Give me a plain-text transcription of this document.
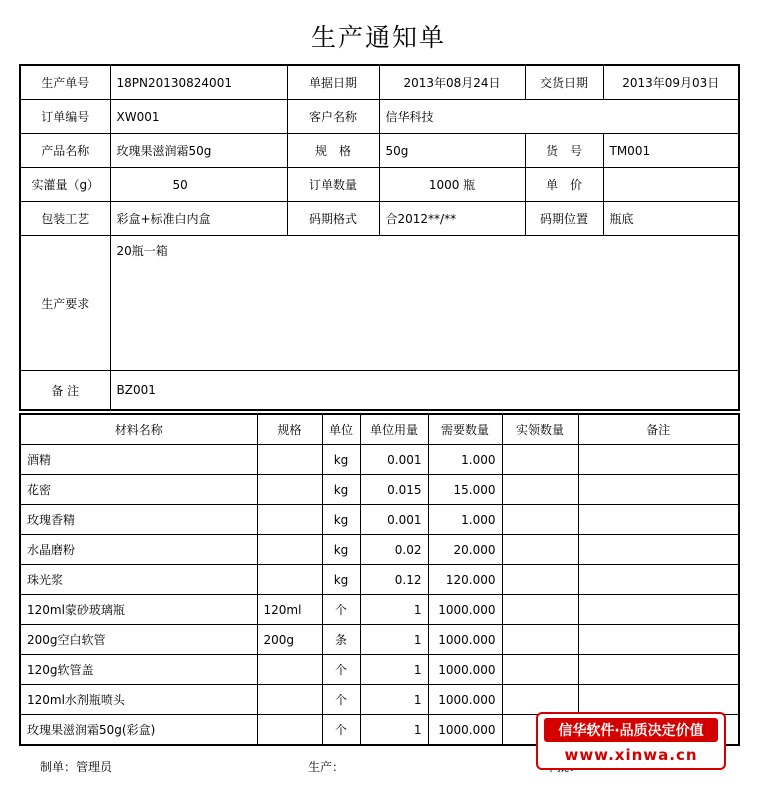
生产通知单
生产单号	18PN20130824001	单据日期	2013年08月24日	交货日期	2013年09月03日
订单编号	XW001	客户名称	信华科技		
产品名称	玫瑰果滋润霜50g	规　格	50g	货　号	TM001
实灌量（g）	50	订单数量	1000 瓶	单　价	
包装工艺	彩盒+标准白内盒	码期格式	合2012**/**	码期位置	瓶底
生产要求	20瓶一箱				
备 注	BZ001				
材料名称	规格	单位	单位用量	需要数量	实领数量	备注
酒精		kg	0.001	1.000		
花密		kg	0.015	15.000		
玫瑰香精		kg	0.001	1.000		
水晶磨粉		kg	0.02	20.000		
珠光浆		kg	0.12	120.000		
120ml蒙砂玻璃瓶	120ml	个	1	1000.000		
200g空白软管	200g	条	1	1000.000		
120g软管盖		个	1	1000.000		
120ml水剂瓶喷头		个	1	1000.000		
玫瑰果滋润霜50g(彩盒)		个	1	1000.000		
制单：管理员	生产：
信华软件·品质决定价值
www.xinwa.cn
